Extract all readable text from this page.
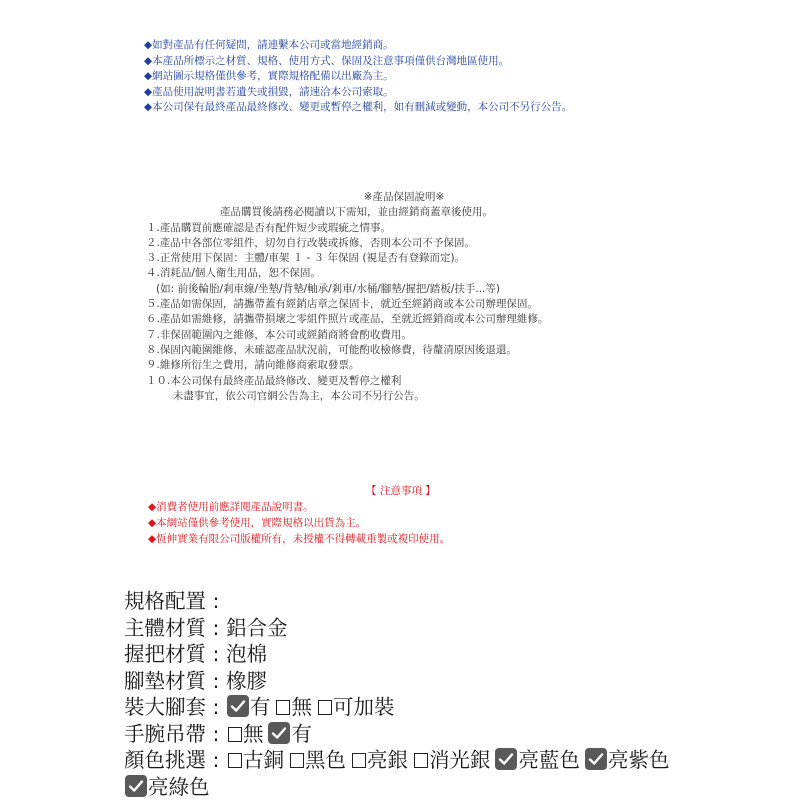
◆如對產品有任何疑問，請連繫本公司或當地經銷商。
◆本產品所標示之材質、規格、使用方式、保固及注意事項僅供台灣地區使用。
◆網站圖示規格僅供參考，實際規格配備以出廠為主。
◆產品使用說明書若遺失或損毀，請速洽本公司索取。
◆本公司保有最終產品最終修改、變更或暫停之權利，如有刪減或變動，本公司不另行公告。
※產品保固說明※
產品購買後請務必閱讀以下需知，並由經銷商蓋章後使用。
１.產品購買前應確認是否有配件短少或瑕疵之情事。
２.產品中各部位零組件，切勿自行改裝或拆修，否則本公司不予保固。
３.正常使用下保固：主體/車架 １ - ３ 年保固 (視是否有登錄而定)。
４.消耗品/個人衛生用品，恕不保固。
(如: 前後輪胎/剎車線/坐墊/背墊/軸承/剎車/水桶/腳墊/握把/踏板/扶手...等)
５.產品如需保固，請攜帶蓋有經銷店章之保固卡，就近至經銷商或本公司辦理保固。
６.產品如需維修，請攜帶損壞之零組件照片或產品，至就近經銷商或本公司辦理維修。
７.非保固範圍內之維修，本公司或經銷商將會酌收費用。
８.保固內範圍維修，未確認產品狀況前，可能酌收檢修費，待釐清原因後退還。
９.維修所衍生之費用，請向維修商索取發票。
１０.本公司保有最終產品最終修改、變更及暫停之權利
未盡事宜，依公司官網公告為主，本公司不另行公告。
【 注意事項 】
◆消費者使用前應詳閱產品說明書。
◆本網站僅供參考使用，實際規格以出貨為主。
◆恆伸實業有限公司版權所有，未授權不得轉載重製或複印使用。
規格配置 :
主體材質 : 鋁合金
握把材質 : 泡棉
腳墊材質 : 橡膠
裝大腳套 :
有 無 可加裝
手腕吊帶 : 無 有
顏色挑選 : 古銅 黑色 亮銀 消光銀 亮藍色 亮紫色
亮綠色
